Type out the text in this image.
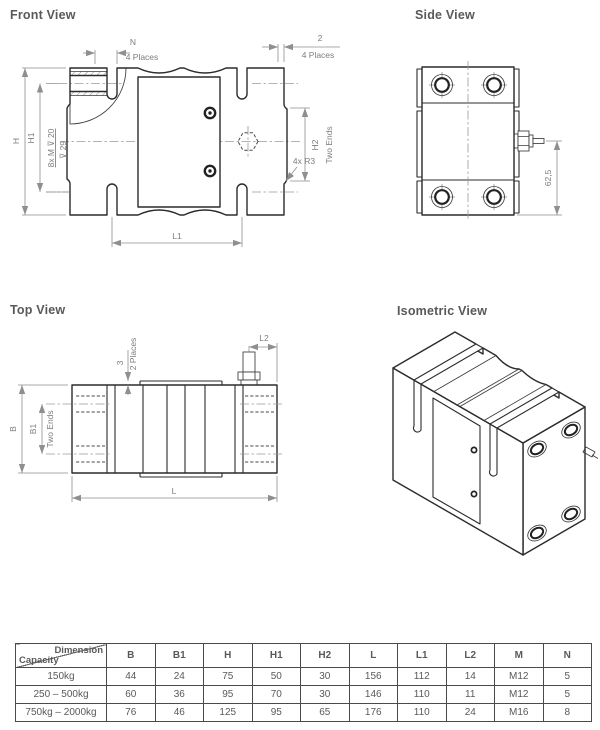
Front View	Side View
Top View	Isometric View
H H1 8x M ⊽ 20 ⊽ 29
N
4 Places
2
4 Places
H2 Two Ends
4x R3
L1
62,5
B B1 Two Ends
3 2 Places	L2
L
Dimension
Capacity	B	B1	H	H1	H2	L	L1	L2	M	N
150kg	44	24	75	50	30	156	112	14	M12	5
250 – 500kg	60	36	95	70	30	146	110	11	M12	5
750kg – 2000kg	76	46	125	95	65	176	110	24	M16	8
